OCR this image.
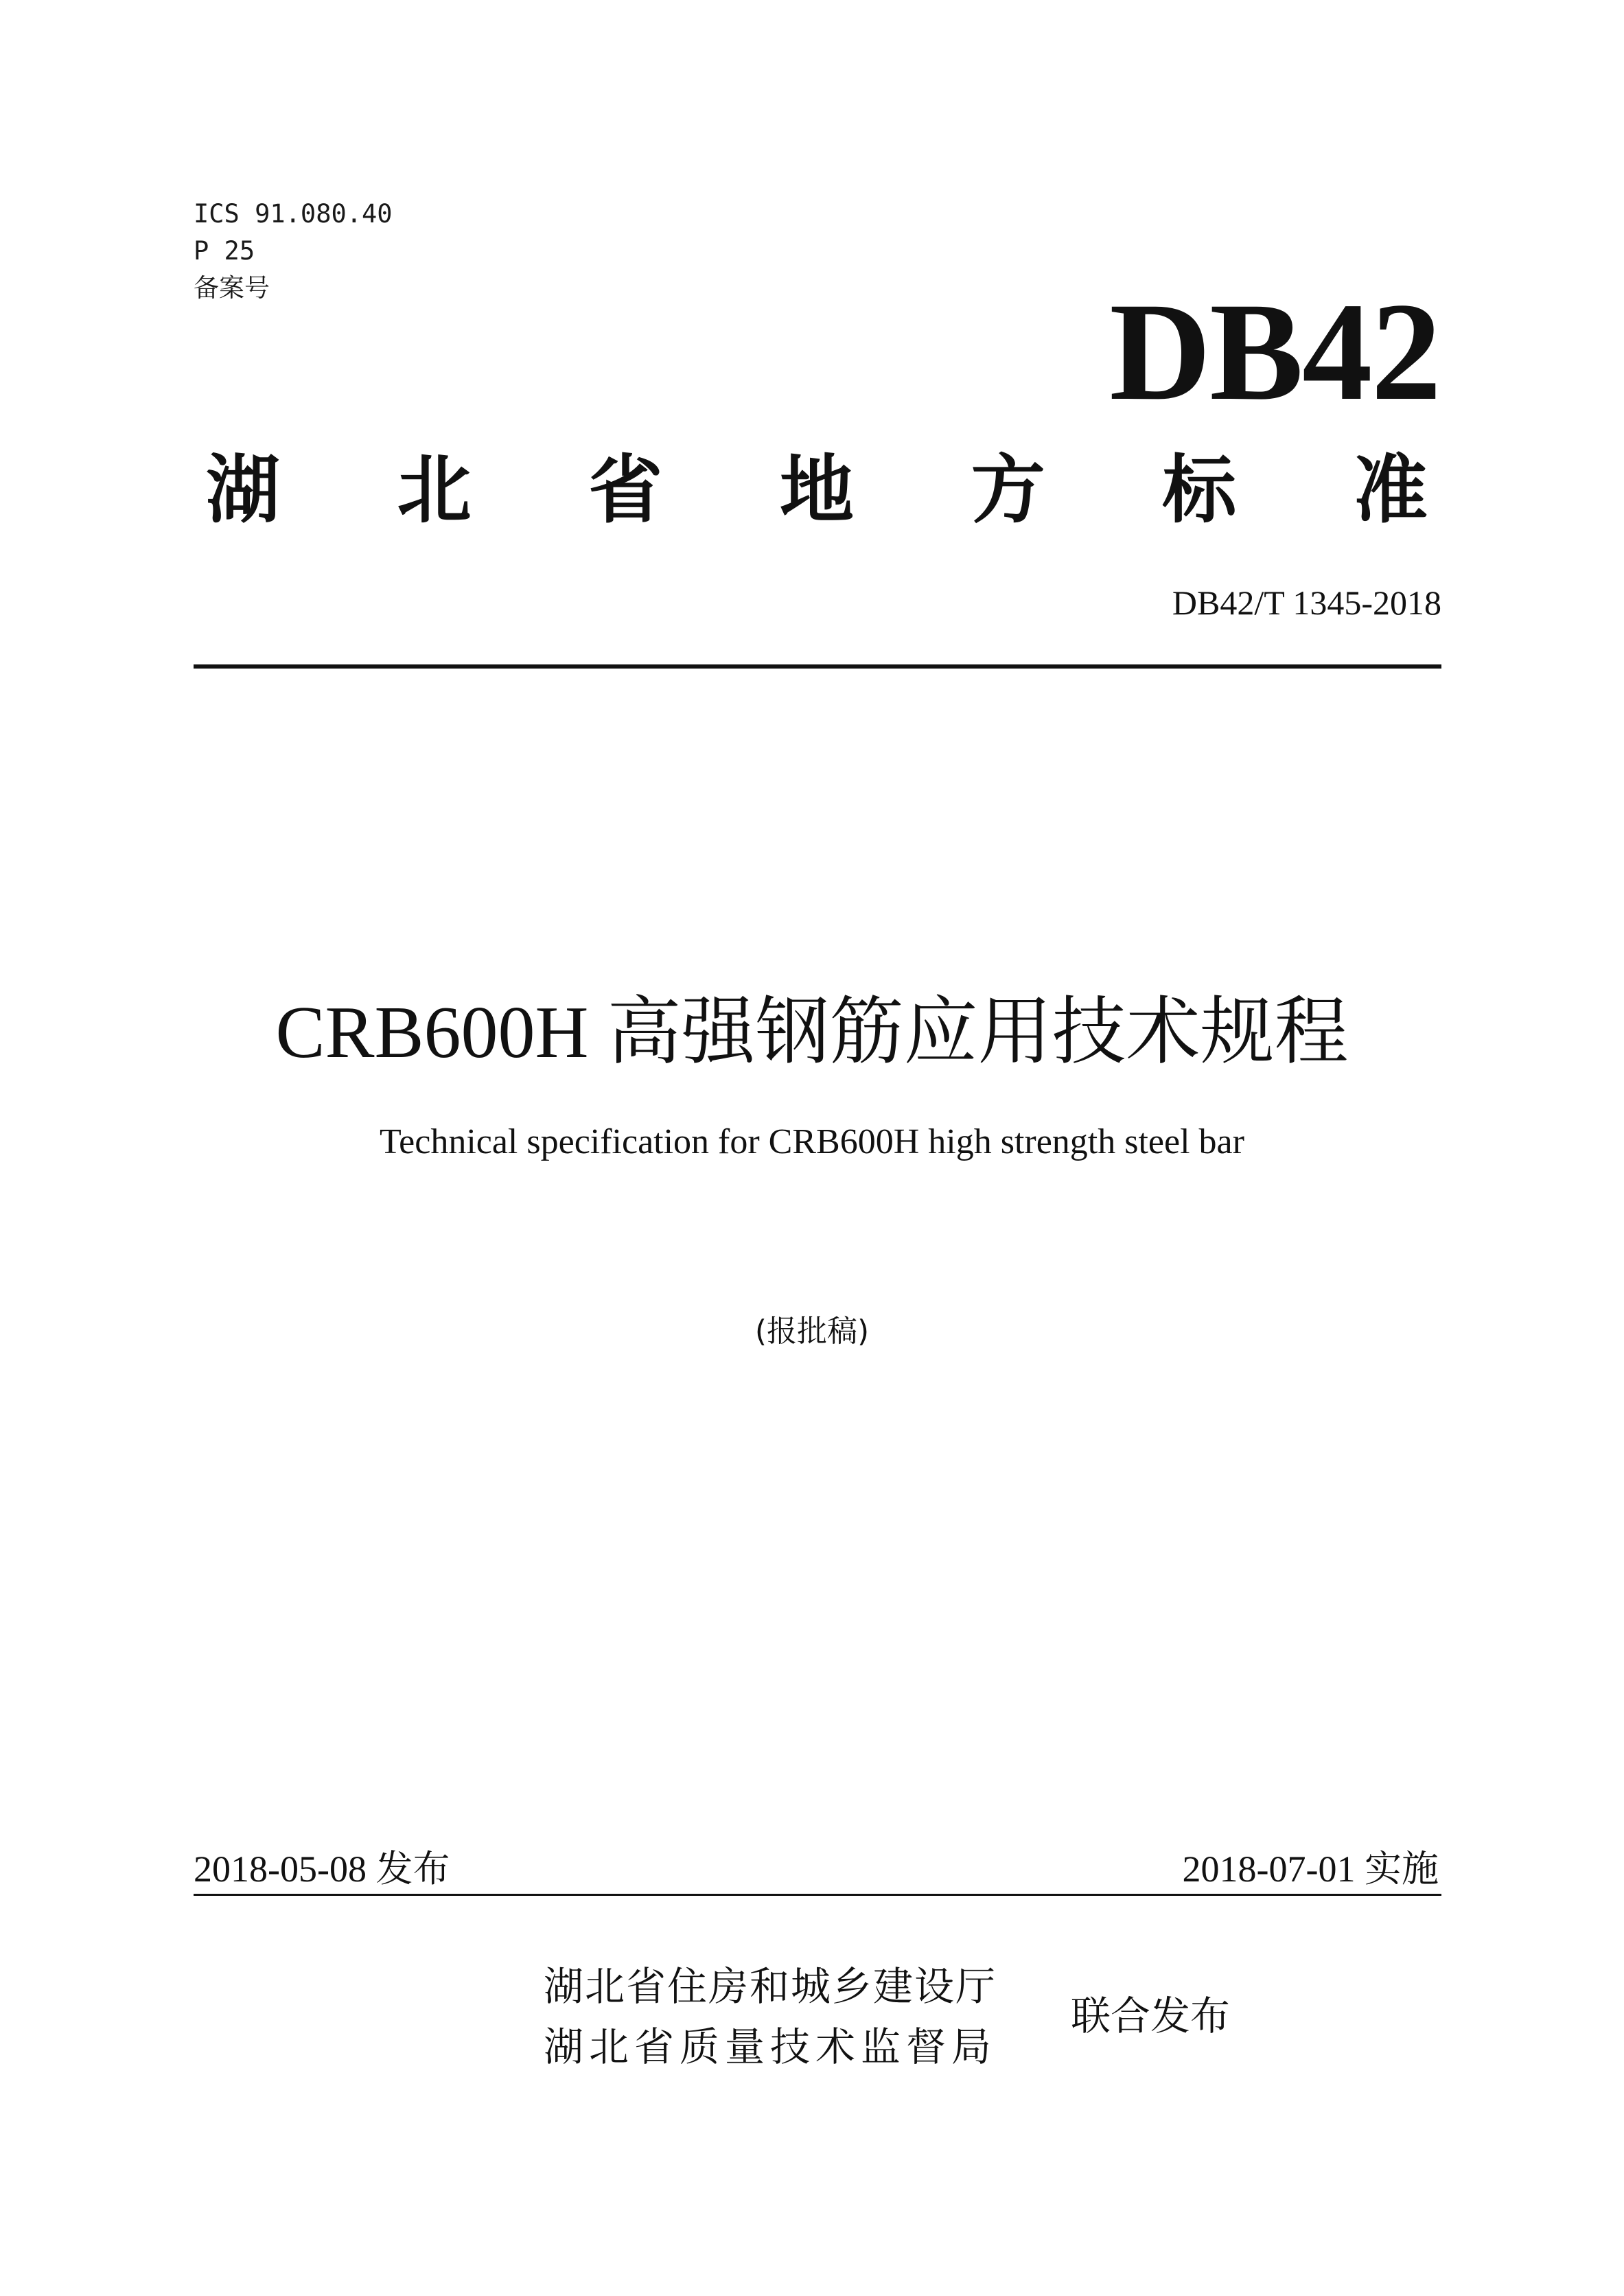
ICS 91.080.40
P 25
备案号	DB42
湖 北 省 地 方 标 准
DB42/T 1345-2018
CRB600H 高强钢筋应用技术规程
Technical specification for CRB600H high strength steel bar
(报批稿)
2018-05-08 发布	2018-07-01 实施
湖北省住房和城乡建设厅
湖北省质量技术监督局
联合发布
